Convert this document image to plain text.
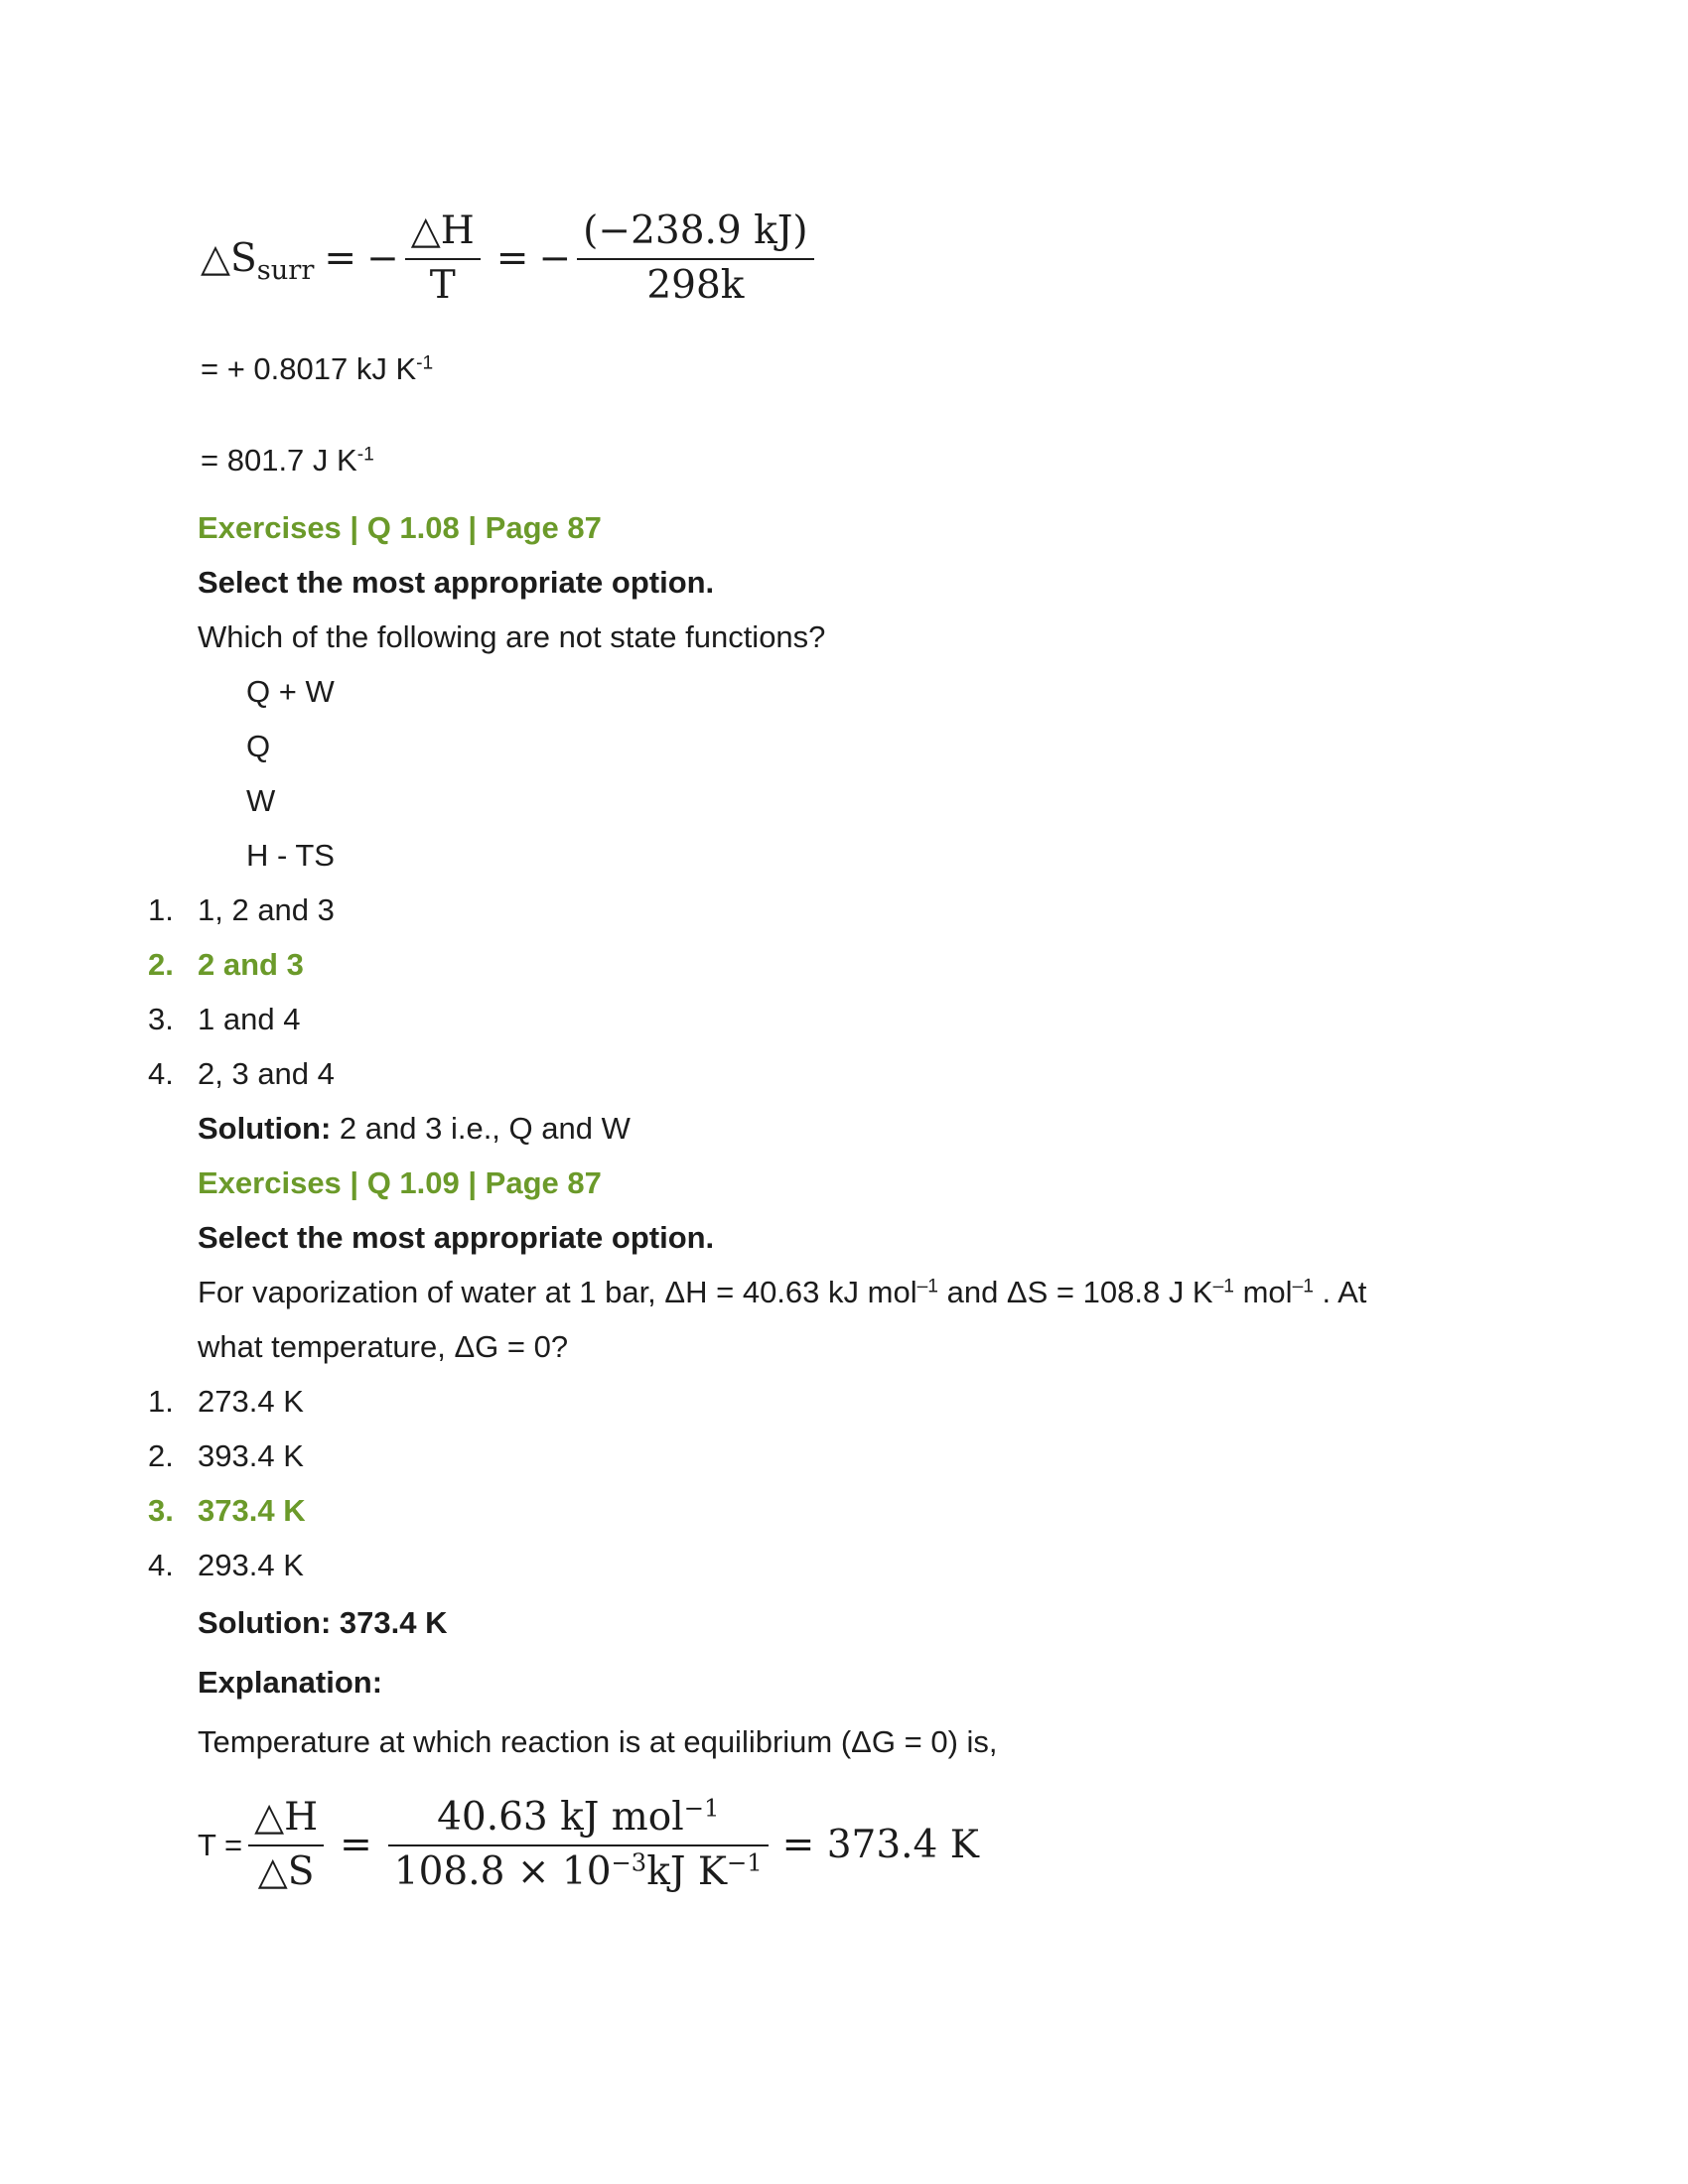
$\triangle S_{surr}$ = − $\frac{\triangle H}{T}$ = − $\frac{(-238.9 kJ)}{298k}$
= + 0.8017 kJ $K^{-1}$
= 801.7 J $K^{-1}$
Exercises | Q 1.08 | Page 87
Select the most appropriate option.
Which of the following are not state functions?
Q + W
Q
W
H - TS
1. 1, 2 and 3
2. 2 and 3
3. 1 and 4
4. 2, 3 and 4
Solution: 2 and 3 i.e., Q and W
Exercises | Q 1.09 | Page 87
Select the most appropriate option.
For vaporization of water at 1 bar, ΔH = 40.63 kJ mol$^{-1}$ and ΔS = 108.8 J $K^{-1}$ mol$^{-1}$ . At
what temperature, ΔG = 0?
1. 273.4 K
2. 393.4 K
3. 373.4 K
4. 293.4 K
Solution: 373.4 K
Explanation:
Temperature at which reaction is at equilibrium (ΔG = 0) is,
$T = \frac{\triangle H}{\triangle S} = \frac{40.63 kJ mol^{-1}}{108.8 \times 10^{-3}kJ K^{-1}} = 373.4$ K
